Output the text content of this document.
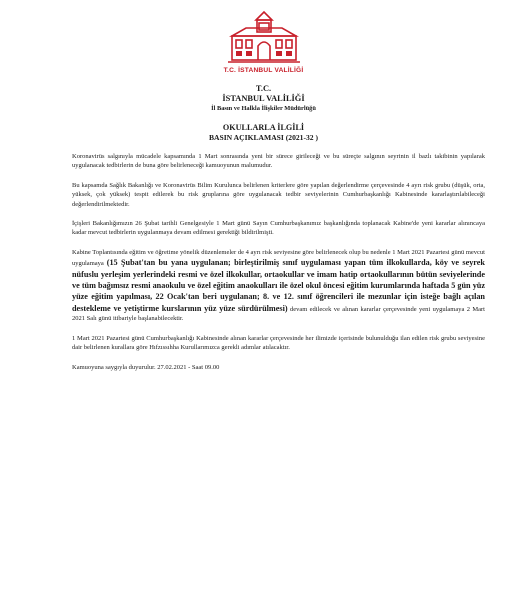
T.C. İSTANBUL VALİLİĞİ
T.C.
İSTANBUL VALİLİĞİ
İl Basın ve Halkla İlişkiler Müdürlüğü
OKULLARLA İLGİLİ
BASIN AÇIKLAMASI (2021-32 )

Koronavirüs salgınıyla mücadele kapsamında 1 Mart sonrasında yeni bir sürece girileceği ve bu süreçte salgının seyrinin il bazlı takibinin yapılarak uygulanacak tedbirlerin de buna göre belirleneceği kamuoyunun malumudur.

Bu kapsamda Sağlık Bakanlığı ve Koronavirüs Bilim Kurulunca belirlenen kriterlere göre yapılan değerlendirme çerçevesinde 4 ayrı risk grubu (düşük, orta, yüksek, çok yüksek) tespit edilerek bu risk gruplarına göre uygulanacak tedbir seviyelerinin Cumhurbaşkanlığı Kabinesinde kararlaştırılabileceği değerlendirilmektedir.

İçişleri Bakanlığımızın 26 Şubat tarihli Genelgesiyle 1 Mart günü Sayın Cumhurbaşkanımız başkanlığında toplanacak Kabine'de yeni kararlar alınıncaya kadar mevcut tedbirlerin uygulanmaya devam edilmesi gerektiği bildirilmişti.

Kabine Toplantısında eğitim ve öğretime yönelik düzenlemeler de 4 ayrı risk seviyesine göre belirlenecek olup bu nedenle 1 Mart 2021 Pazartesi günü mevcut uygulamaya (15 Şubat'tan bu yana uygulanan; birleştirilmiş sınıf uygulaması yapan tüm ilkokullarda, köy ve seyrek nüfuslu yerleşim yerlerindeki resmi ve özel ilkokullar, ortaokullar ve imam hatip ortaokullarının bütün seviyelerinde ve tüm bağımsız resmi anaokulu ve özel eğitim anaokulları ile özel okul öncesi eğitim kurumlarında haftada 5 gün yüz yüze eğitim yapılması, 22 Ocak'tan beri uygulanan; 8. ve 12. sınıf öğrencileri ile mezunlar için isteğe bağlı açılan destekleme ve yetiştirme kurslarının yüz yüze sürdürülmesi) devam edilecek ve alınan kararlar çerçevesinde yeni uygulamaya 2 Mart 2021 Salı günü itibariyle başlanabilecektir.

1 Mart 2021 Pazartesi günü Cumhurbaşkanlığı Kabinesinde alınan kararlar çerçevesinde her ilimizde içerisinde bulunulduğu ilan edilen risk grubu seviyesine dair belirlenen kurallara göre Hıfzıssıhha Kurullarımızca gerekli adımlar atılacaktır.

Kamuoyuna saygıyla duyurulur. 27.02.2021 - Saat 09.00
